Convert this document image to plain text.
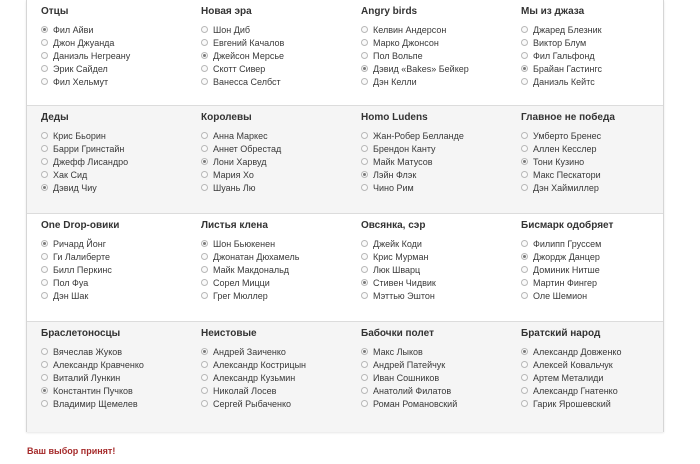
Отцы
Фил Айви
Джон Джуанда
Даниэль Негреану
Эрик Сайдел
Фил Хельмут
Новая эра
Шон Диб
Евгений Качалов
Джейсон Мерсье
Скотт Сивер
Ванесса Селбст
Angry birds
Келвин Андерсон
Марко Джонсон
Пол Вольпе
Дэвид «Bakes» Бейкер
Дэн Келли
Мы из джаза
Джаред Блезник
Виктор Блум
Фил Гальфонд
Брайан Гастингс
Даниэль Кейтс
Деды
Крис Бьорин
Барри Гринстайн
Джефф Лисандро
Хак Сид
Дэвид Чиу
Королевы
Анна Маркес
Аннет Обрестад
Лони Харвуд
Мария Хо
Шуань Лю
Homo Ludens
Жан-Робер Белланде
Брендон Канту
Майк Матусов
Лэйн Флэк
Чино Рим
Главное не победа
Умберто Бренес
Аллен Кесслер
Тони Кузино
Макс Пескатори
Дэн Хаймиллер
One Drop-овики
Ричард Йонг
Ги Лалиберте
Билл Перкинс
Пол Фуа
Дэн Шак
Листья клена
Шон Бьюкенен
Джонатан Дюхамель
Майк Макдональд
Сорел Мицци
Грег Мюллер
Овсянка, сэр
Джейк Коди
Крис Мурман
Люк Шварц
Стивен Чидвик
Мэттью Эштон
Бисмарк одобряет
Филипп Груссем
Джордж Данцер
Доминик Нитше
Мартин Фингер
Оле Шемион
Браслетоносцы
Вячеслав Жуков
Александр Кравченко
Виталий Лункин
Константин Пучков
Владимир Щемелев
Неистовые
Андрей Заиченко
Александр Кострицын
Александр Кузьмин
Николай Лосев
Сергей Рыбаченко
Бабочки полет
Макс Лыков
Андрей Патейчук
Иван Сошников
Анатолий Филатов
Роман Романовский
Братский народ
Александр Довженко
Алексей Ковальчук
Артем Металиди
Александр Гнатенко
Гарик Ярошевский
Ваш выбор принят!
